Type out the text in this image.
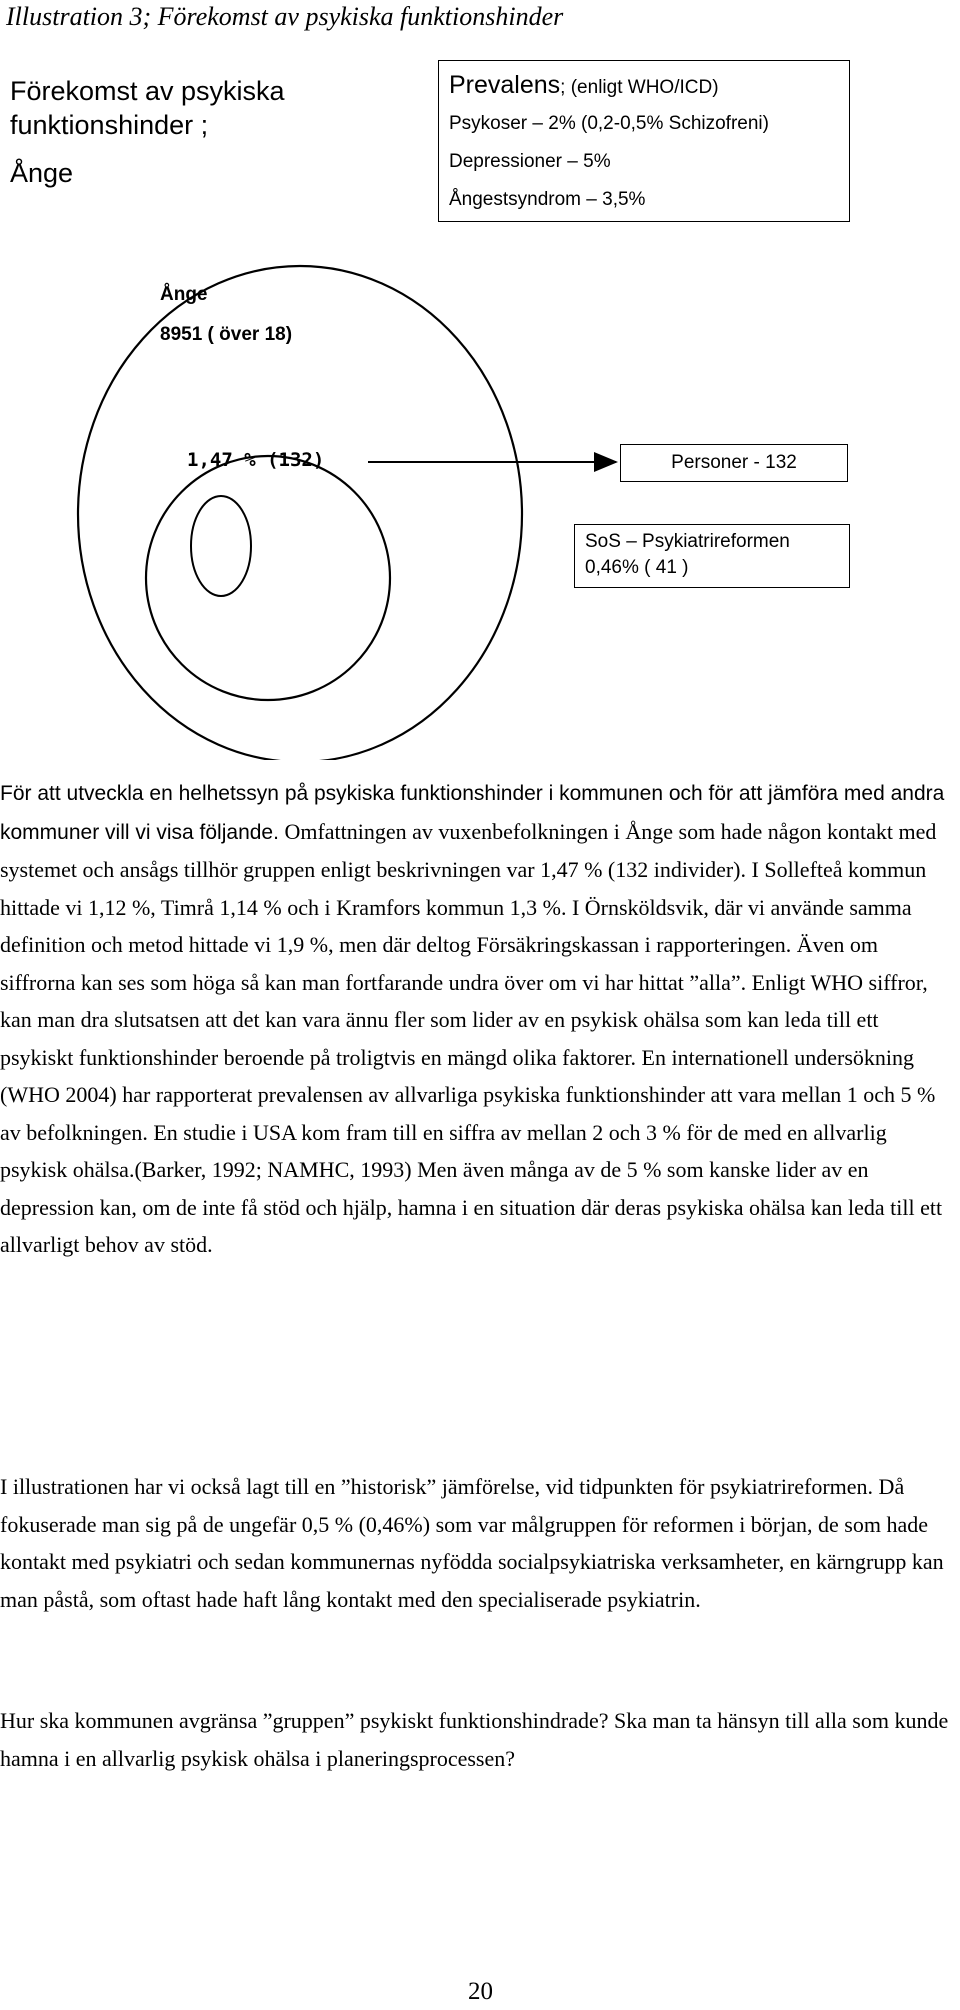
Illustration 3; Förekomst av psykiska funktionshinder
Förekomst av psykiska
funktionshinder ;

Ånge
Prevalens; (enligt WHO/ICD)
Psykoser – 2% (0,2-0,5% Schizofreni)
Depressioner – 5%
Ångestsyndrom – 3,5%
Ånge
8951 ( över 18)
1,47 % (132)	Personer - 132
SoS – Psykiatrireformen
0,46% ( 41 )
För att utveckla en helhetssyn på psykiska funktionshinder i kommunen och för att jämföra med andra kommuner vill vi visa följande. Omfattningen av vuxenbefolkningen i Ånge som hade någon kontakt med systemet och ansågs tillhör gruppen enligt beskrivningen var 1,47 % (132 individer). I Sollefteå kommun hittade vi 1,12 %, Timrå 1,14 % och i Kramfors kommun 1,3 %. I Örnsköldsvik, där vi använde samma definition och metod hittade vi 1,9 %, men där deltog Försäkringskassan i rapporteringen. Även om siffrorna kan ses som höga så kan man fortfarande undra över om vi har hittat ”alla”. Enligt WHO siffror, kan man dra slutsatsen att det kan vara ännu fler som lider av en psykisk ohälsa som kan leda till ett psykiskt funktionshinder beroende på troligtvis en mängd olika faktorer. En internationell undersökning (WHO 2004) har rapporterat prevalensen av allvarliga psykiska funktionshinder att vara mellan 1 och 5 % av befolkningen. En studie i USA kom fram till en siffra av mellan 2 och 3 % för de med en allvarlig psykisk ohälsa.(Barker, 1992; NAMHC, 1993) Men även många av de 5 % som kanske lider av en depression kan, om de inte få stöd och hjälp, hamna i en situation där deras psykiska ohälsa kan leda till ett allvarligt behov av stöd.
I illustrationen har vi också lagt till en ”historisk” jämförelse, vid tidpunkten för psykiatrireformen. Då fokuserade man sig på de ungefär 0,5 % (0,46%) som var målgruppen för reformen i början, de som hade kontakt med psykiatri och sedan kommunernas nyfödda socialpsykiatriska verksamheter, en kärngrupp kan man påstå, som oftast hade haft lång kontakt med den specialiserade psykiatrin.
Hur ska kommunen avgränsa ”gruppen” psykiskt funktionshindrade? Ska man ta hänsyn till alla som kunde hamna i en allvarlig psykisk ohälsa i planeringsprocessen?
20
